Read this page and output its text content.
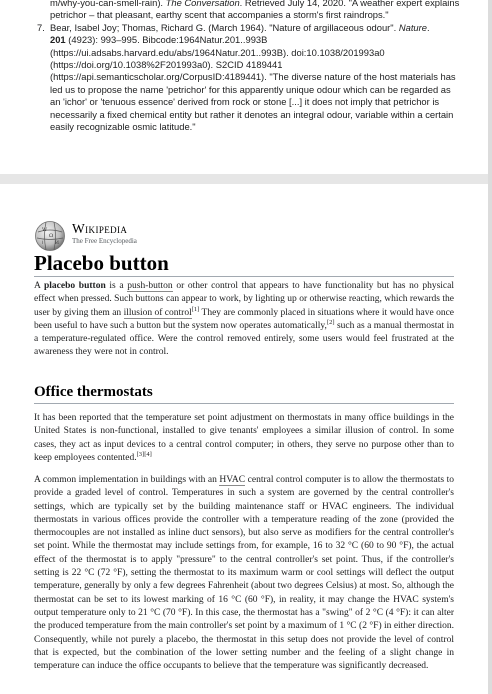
m/why-you-can-smell-rain). The Conversation. Retrieved July 14, 2020. "A weather expert explains petrichor – that pleasant, earthy scent that accompanies a storm's first raindrops."

7. Bear, Isabel Joy; Thomas, Richard G. (March 1964). "Nature of argillaceous odour". Nature.
201 (4923): 993–995. Bibcode:1964Natur.201..993B (https://ui.adsabs.harvard.edu/abs/1964Natur.201..993B). doi:10.1038/201993a0 (https://doi.org/10.1038%2F201993a0). S2CID 4189441 (https://api.semanticscholar.org/CorpusID:4189441). "The diverse nature of the host materials has led us to propose the name 'petrichor' for this apparently unique odour which can be regarded as an 'ichor' or 'tenuous essence' derived from rock or stone [...] it does not imply that petrichor is necessarily a fixed chemical entity but rather it denotes an integral odour, variable within a certain easily recognizable osmic latitude."

W
Ω
И
ا
Wikipedia
The Free Encyclopedia
Placebo button

A placebo button is a push-button or other control that appears to have functionality but has no physical effect when pressed. Such buttons can appear to work, by lighting up or otherwise reacting, which rewards the user by giving them an illusion of control[1] They are commonly placed in situations where it would have once been useful to have such a button but the system now operates automatically,[2] such as a manual thermostat in a temperature-regulated office. Were the control removed entirely, some users would feel frustrated at the awareness they were not in control.

Office thermostats

It has been reported that the temperature set point adjustment on thermostats in many office buildings in the United States is non-functional, installed to give tenants' employees a similar illusion of control. In some cases, they act as input devices to a central control computer; in others, they serve no purpose other than to keep employees contented.[3][4]

A common implementation in buildings with an HVAC central control computer is to allow the thermostats to provide a graded level of control. Temperatures in such a system are governed by the central controller's settings, which are typically set by the building maintenance staff or HVAC engineers. The individual thermostats in various offices provide the controller with a temperature reading of the zone (provided the thermocouples are not installed as inline duct sensors), but also serve as modifiers for the central controller's set point. While the thermostat may include settings from, for example, 16 to 32 °C (60 to 90 °F), the actual effect of the thermostat is to apply "pressure" to the central controller's set point. Thus, if the controller's setting is 22 °C (72 °F), setting the thermostat to its maximum warm or cool settings will deflect the output temperature, generally by only a few degrees Fahrenheit (about two degrees Celsius) at most. So, although the thermostat can be set to its lowest marking of 16 °C (60 °F), in reality, it may change the HVAC system's output temperature only to 21 °C (70 °F). In this case, the thermostat has a "swing" of 2 °C (4 °F): it can alter the produced temperature from the main controller's set point by a maximum of 1 °C (2 °F) in either direction. Consequently, while not purely a placebo, the thermostat in this setup does not provide the level of control that is expected, but the combination of the lower setting number and the feeling of a slight change in temperature can induce the office occupants to believe that the temperature was significantly decreased.
